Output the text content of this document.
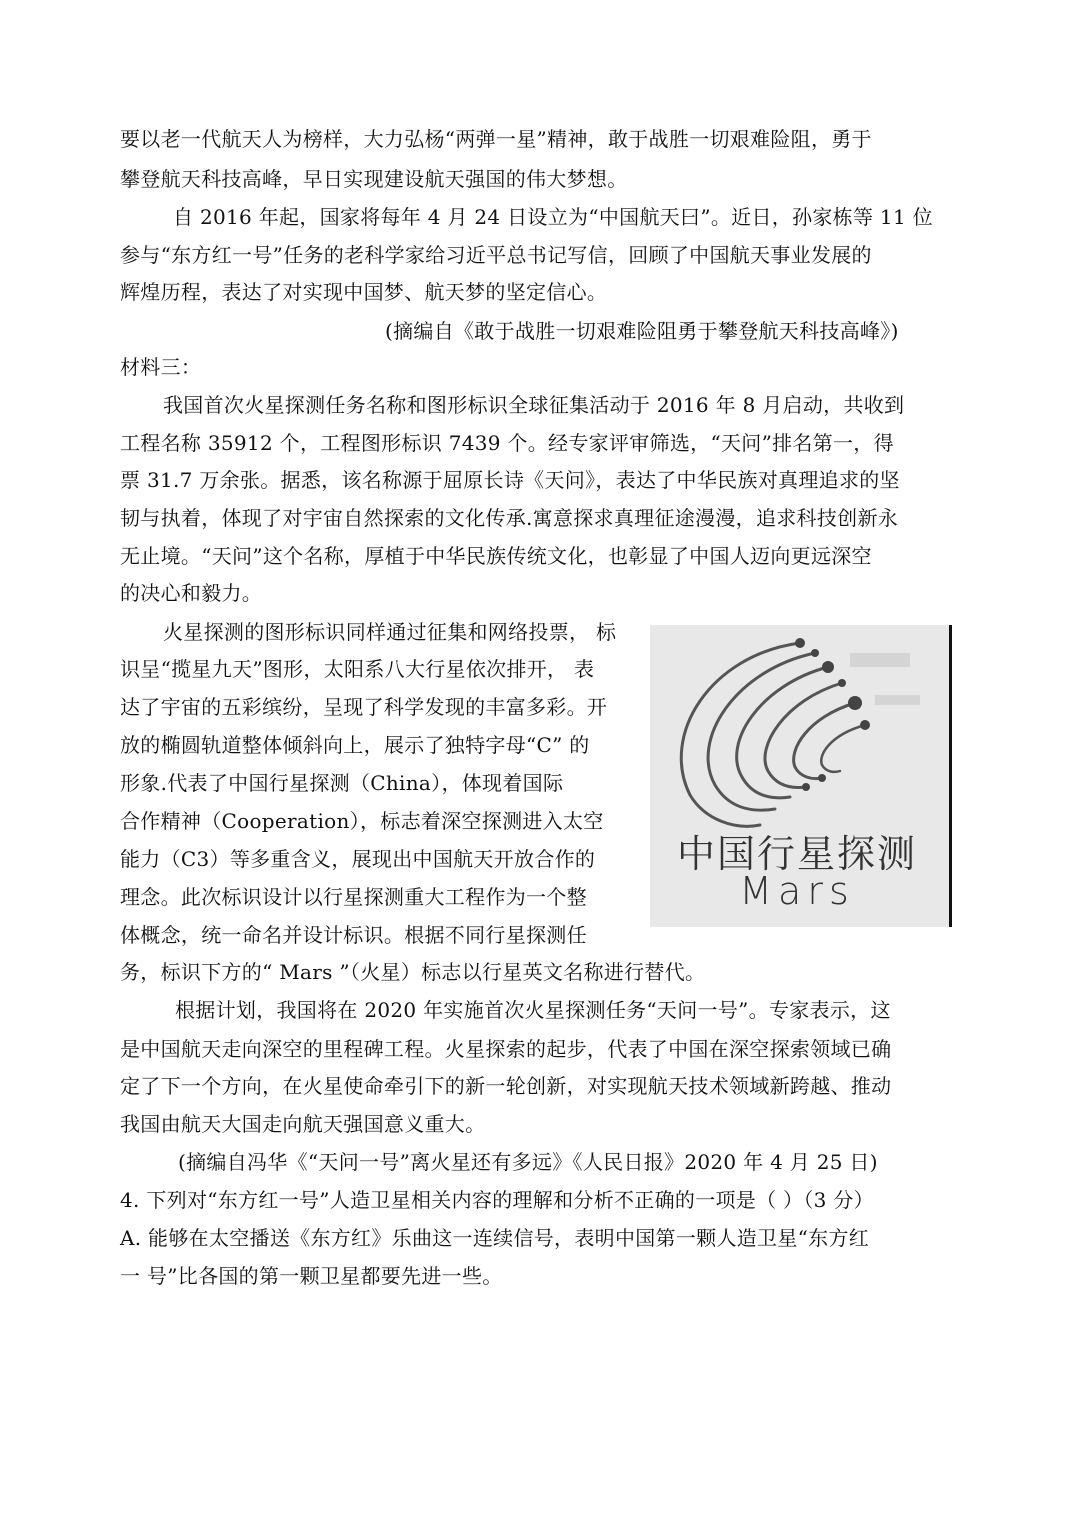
要以老一代航天人为榜样，大力弘杨“两弹一星”精神，敢于战胜一切艰难险阻，勇于
攀登航天科技高峰，早日实现建设航天强国的伟大梦想。
自 2016 年起，国家将每年 4 月 24 日设立为“中国航天曰”。近日，孙家栋等 11 位
参与“东方红一号”任务的老科学家给习近平总书记写信，回顾了中国航天事业发展的
辉煌历程，表达了对实现中国梦、航天梦的坚定信心。
(摘编自《敢于战胜一切艰难险阻勇于攀登航天科技高峰》)
材料三：
我国首次火星探测任务名称和图形标识全球征集活动于 2016 年 8 月启动，共收到
工程名称 35912 个，工程图形标识 7439 个。经专家评审筛选，“天问”排名第一，得
票 31.7 万余张。据悉，该名称源于屈原长诗《天问》，表达了中华民族对真理追求的坚
韧与执着，体现了对宇宙自然探索的文化传承.寓意探求真理征途漫漫，追求科技创新永
无止境。“天问”这个名称，厚植于中华民族传统文化，也彰显了中国人迈向更远深空
的决心和毅力。
火星探测的图形标识同样通过征集和网络投票， 标
识呈“揽星九天”图形，太阳系八大行星依次排开， 表
达了宇宙的五彩缤纷，呈现了科学发现的丰富多彩。开
放的椭圆轨道整体倾斜向上，展示了独特字母“C” 的
形象.代表了中国行星探测（China），体现着国际
合作精神（Cooperation），标志着深空探测进入太空
能力（C3）等多重含义，展现出中国航天开放合作的
理念。此次标识设计以行星探测重大工程作为一个整
体概念，统一命名并设计标识。根据不同行星探测任
务，标识下方的“ Mars ”（火星）标志以行星英文名称进行替代。
中国行星探测
Mars
根据计划，我国将在 2020 年实施首次火星探测任务“天问一号”。专家表示，这
是中国航天走向深空的里程碑工程。火星探索的起步，代表了中国在深空探索领域已确
定了下一个方向，在火星使命牵引下的新一轮创新，对实现航天技术领域新跨越、推动
我国由航天大国走向航天强国意义重大。
(摘编自冯华《“天问一号”离火星还有多远》《人民日报》2020 年 4 月 25 日)
4. 下列对“东方红一号”人造卫星相关内容的理解和分析不正确的一项是（ ）（3 分）
A. 能够在太空播送《东方红》乐曲这一连续信号，表明中国第一颗人造卫星“东方红
一 号”比各国的第一颗卫星都要先进一些。
